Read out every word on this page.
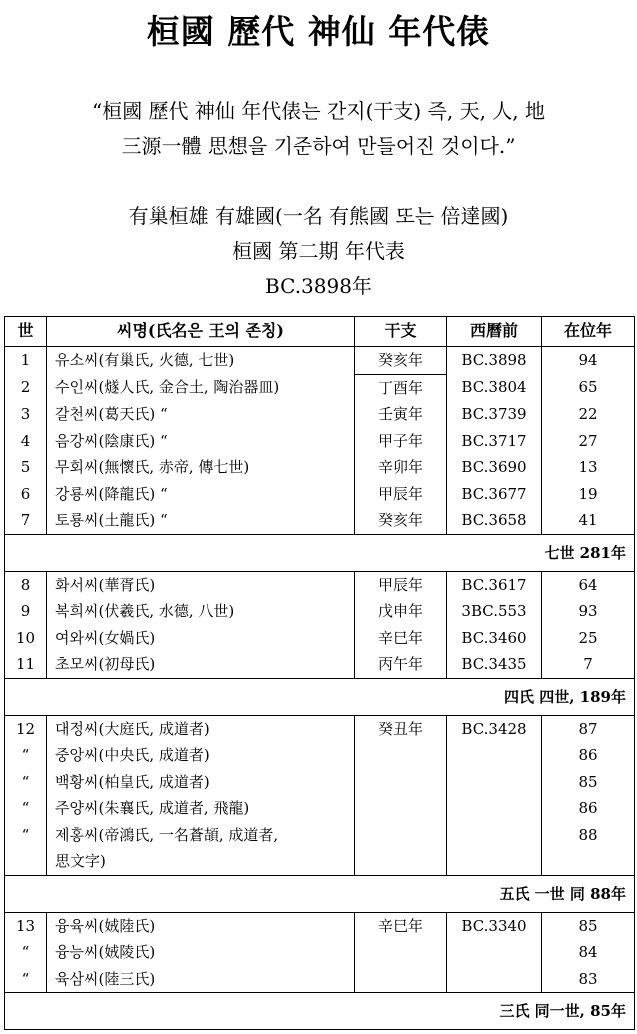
桓國 歷代 神仙 年代俵
“桓國 歷代 神仙 年代俵는 간지(干支) 즉, 天, 人, 地
三源一體 思想을 기준하여 만들어진 것이다.”
有巢桓雄 有雄國(一名 有熊國 또는 倍達國)
桓國 第二期 年代表
BC.3898年
世	씨명(氏名은 王의 존칭)	干支	西曆前	在位年
1	유소씨(有巢氏, 火德, 七世)	癸亥年	BC.3898	94
2	수인씨(燧人氏, 金合土, 陶治器皿)	丁酉年	BC.3804	65
3	갈천씨(葛天氏) “	壬寅年	BC.3739	22
4	음강씨(陰康氏) “	甲子年	BC.3717	27
5	무회씨(無懷氏, 赤帝, 傳七世)	辛卯年	BC.3690	13
6	강룡씨(降龍氏) “	甲辰年	BC.3677	19
7	토룡씨(土龍氏) “	癸亥年	BC.3658	41
七世 281年				
8	화서씨(華胥氏)	甲辰年	BC.3617	64
9	복희씨(伏羲氏, 水德, 八世)	戊申年	3BC.553	93
10	여와씨(女媧氏)	辛巳年	BC.3460	25
11	초모씨(初母氏)	丙午年	BC.3435	7
四氏 四世, 189年				
12	대정씨(大庭氏, 成道者)	癸丑年	BC.3428	87
“	중앙씨(中央氏, 成道者)			86
“	백황씨(柏皇氏, 成道者)			85
“	주양씨(朱襄氏, 成道者, 飛龍)			86
“	제홍씨(帝鴻氏, 一名蒼頡, 成道者,			88
	思文字)			
五氏 一世 同 88年				
13	융육씨(娀陸氏)	辛巳年	BC.3340	85
“	융능씨(娀陵氏)			84
“	육삼씨(陸三氏)			83
三氏 同一世, 85年				
